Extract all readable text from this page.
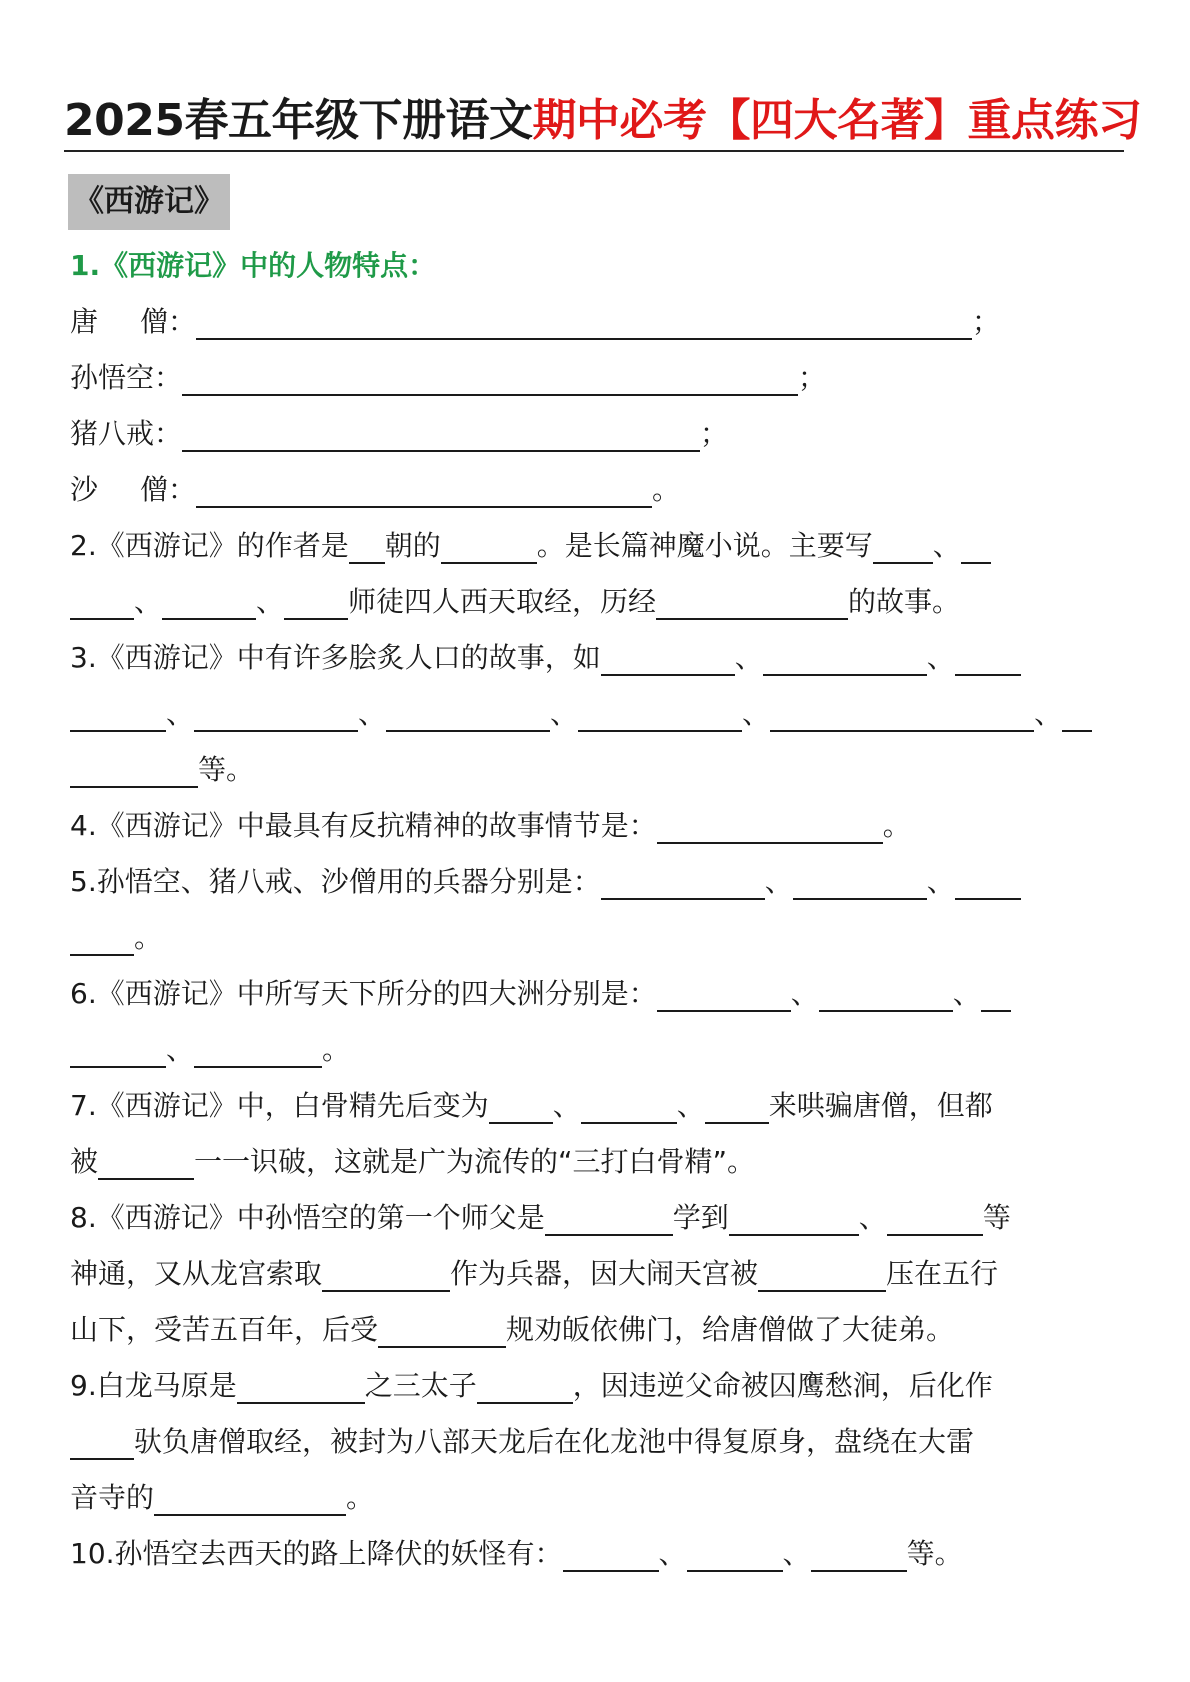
2025春五年级下册语文期中必考【四大名著】重点练习
《西游记》
1.《西游记》中的人物特点：
唐 僧：	；
孙悟空：	；
猪八戒：	；
沙 僧：	。
2.《西游记》的作者是 朝的	。是长篇神魔小说。主要写 、
、	、 师徒四人西天取经，历经	的故事。
3.《西游记》中有许多脍炙人口的故事，如	、	、
、	、	、	、	、
等。
4.《西游记》中最具有反抗精神的故事情节是：	。
5.孙悟空、猪八戒、沙僧用的兵器分别是：	、	、
。
6.《西游记》中所写天下所分的四大洲分别是：	、	、
、	。
7.《西游记》中，白骨精先后变为 、	、 来哄骗唐僧，但都
被	一一识破，这就是广为流传的“三打白骨精”。
8.《西游记》中孙悟空的第一个师父是	学到	、	等
神通，又从龙宫索取	作为兵器，因大闹天宫被	压在五行
山下，受苦五百年，后受	规劝皈依佛门，给唐僧做了大徒弟。
9.白龙马原是	之三太子	，因违逆父命被囚鹰愁涧，后化作
驮负唐僧取经，被封为八部天龙后在化龙池中得复原身，盘绕在大雷
音寺的	。
10.孙悟空去西天的路上降伏的妖怪有：	、	、	等。
